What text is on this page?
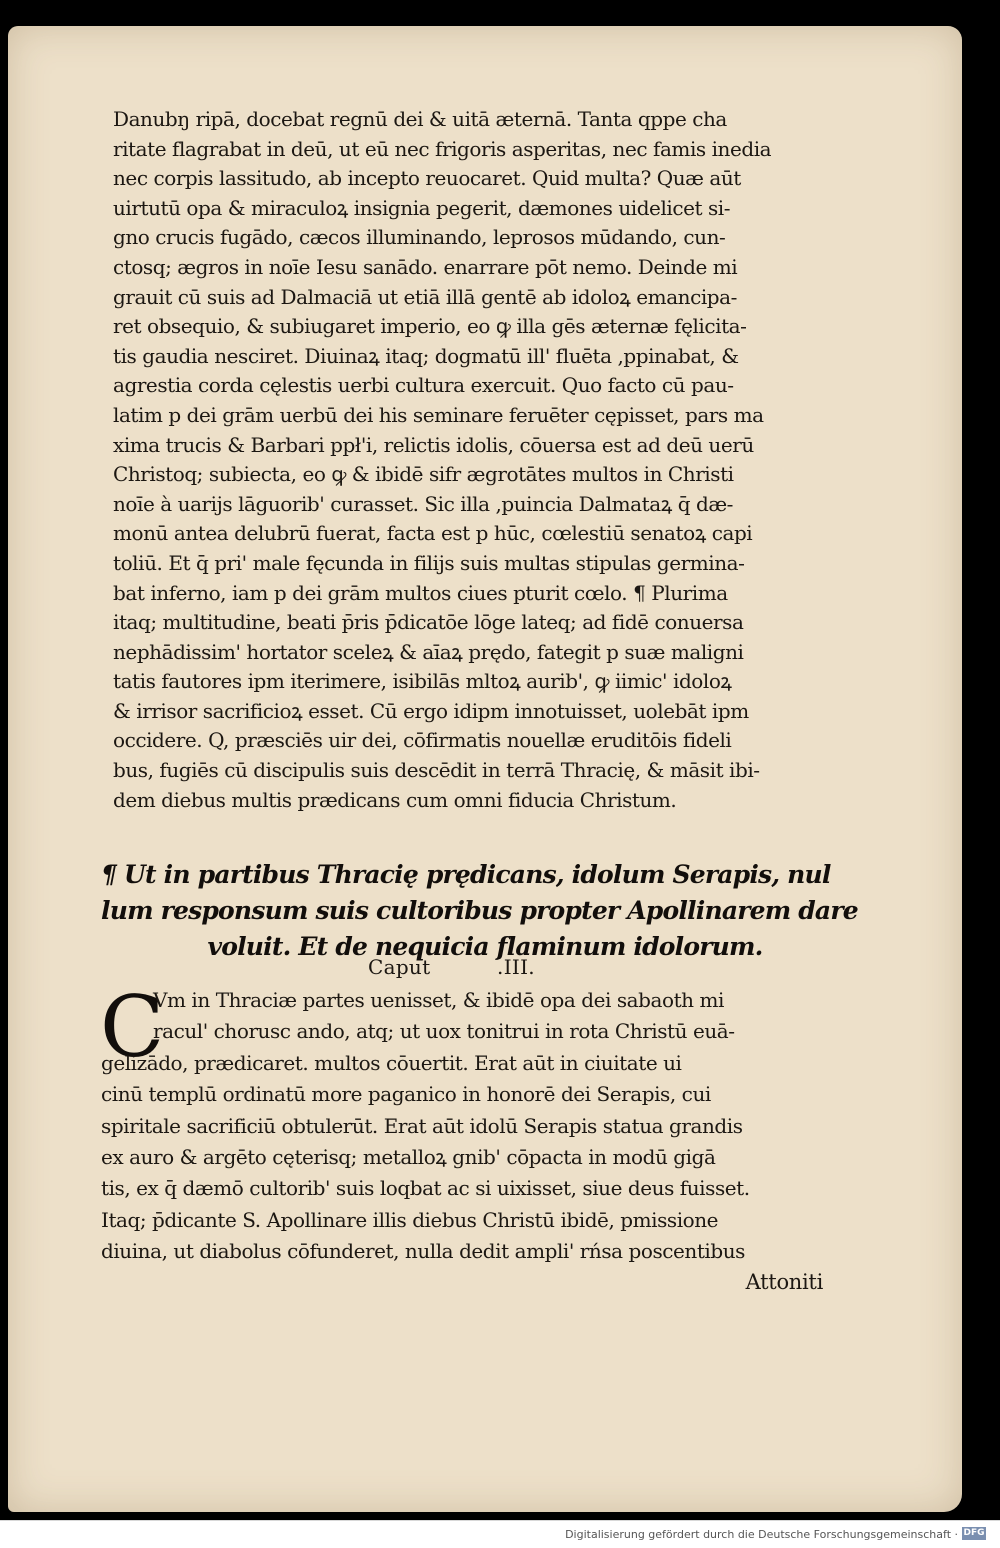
Danubŋ ripā, docebat regnū dei & uitā æternā. Tanta qppe cha
ritate flagrabat in deū, ut eū nec frigoris asperitas, nec famis inedia
nec corpis lassitudo, ab incepto reuocaret. Quid multa? Quæ aūt
uirtutū opa & miraculoꝝ insignia pegerit, dæmones uidelicet si-
gno crucis fugādo, cæcos illuminando, leprosos mūdando, cun-
ctosq; ægros in noīe Iesu sanādo. enarrare pōt nemo. Deinde mi
grauit cū suis ad Dalmaciā ut etiā illā gentē ab idoloꝝ emancipa-
ret obsequio, & subiugaret imperio, eo ꝙ illa gēs æternæ fęlicita-
tis gaudia nesciret. Diuinaꝝ itaq; dogmatū ill' fluēta ,ppinabat, &
agrestia corda cęlestis uerbi cultura exercuit. Quo facto cū pau-
latim p dei grām uerbū dei his seminare feruēter cępisset, pars ma
xima trucis & Barbari ppł'i, relictis idolis, cōuersa est ad deū uerū
Christoq; subiecta, eo ꝙ & ibidē sifr ægrotātes multos in Christi
noīe à uarijs lāguorib' curasset. Sic illa ,puincia Dalmataꝝ q̄ dæ-
monū antea delubrū fuerat, facta est p hūc, cœlestiū senatoꝝ capi
toliū. Et q̄ pri' male fęcunda in filijs suis multas stipulas germina-
bat inferno, iam p dei grām multos ciues pturit cœlo. ¶ Plurima
itaq; multitudine, beati p̄ris p̄dicatōe lōge lateq; ad fidē conuersa
nephādissim' hortator sceleꝝ & aīaꝝ prędo, fategit p suæ maligni
tatis fautores ipm iterimere, isibilās mltoꝝ aurib', ꝙ iimic' idoloꝝ
& irrisor sacrificioꝝ esset. Cū ergo idipm innotuisset, uolebāt ipm
occidere. Q, præsciēs uir dei, cōfirmatis nouellæ eruditōis fideli
bus, fugiēs cū discipulis suis descēdit in terrā Thracię, & māsit ibi-
dem diebus multis prædicans cum omni fiducia Christum.
¶ Ut in partibus Thracię prędicans, idolum Serapis, nul
lum responsum suis cultoribus propter Apollinarem dare
voluit. Et de nequicia flaminum idolorum.
Caput	.III.
C
Vm in Thraciæ partes uenisset, & ibidē opa dei sabaoth mi
racul' chorusc ando, atq; ut uox tonitrui in rota Christū euā-
gelizādo, prædicaret. multos cōuertit. Erat aūt in ciuitate ui
cinū templū ordinatū more paganico in honorē dei Serapis, cui
spiritale sacrificiū obtulerūt. Erat aūt idolū Serapis statua grandis
ex auro & argēto cęterisq; metalloꝝ gnib' cōpacta in modū gigā
tis, ex q̄ dæmō cultorib' suis loqbat ac si uixisset, siue deus fuisset.
Itaq; p̄dicante S. Apollinare illis diebus Christū ibidē, pmissione
diuina, ut diabolus cōfunderet, nulla dedit ampli' rńsa poscentibus
Attoniti
Digitalisierung gefördert durch die Deutsche Forschungsgemeinschaft · DFG
